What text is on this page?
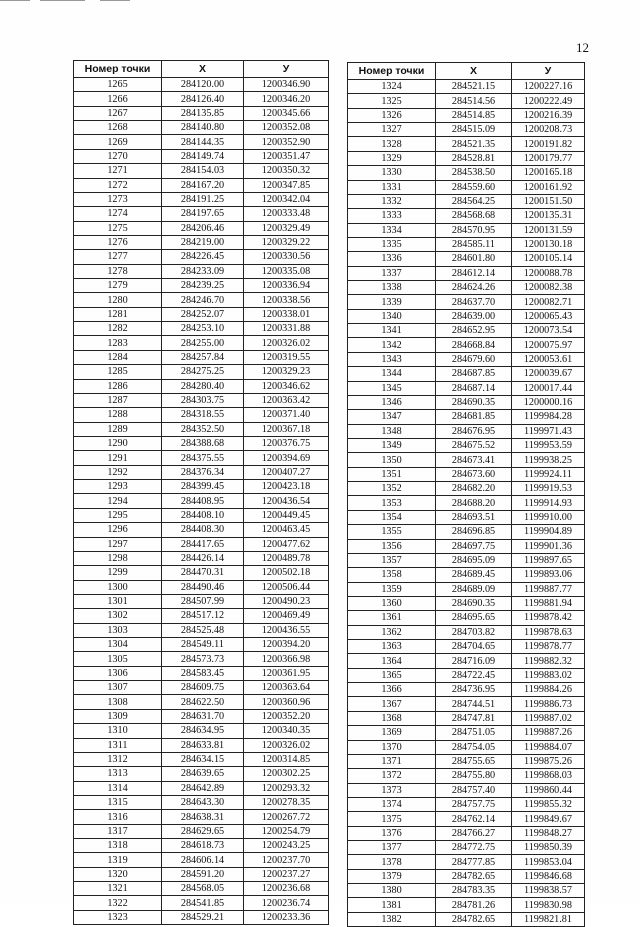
12
Номер точки	X	У
1265	284120.00	1200346.90
1266	284126.40	1200346.20
1267	284135.85	1200345.66
1268	284140.80	1200352.08
1269	284144.35	1200352.90
1270	284149.74	1200351.47
1271	284154.03	1200350.32
1272	284167.20	1200347.85
1273	284191.25	1200342.04
1274	284197.65	1200333.48
1275	284206.46	1200329.49
1276	284219.00	1200329.22
1277	284226.45	1200330.56
1278	284233.09	1200335.08
1279	284239.25	1200336.94
1280	284246.70	1200338.56
1281	284252.07	1200338.01
1282	284253.10	1200331.88
1283	284255.00	1200326.02
1284	284257.84	1200319.55
1285	284275.25	1200329.23
1286	284280.40	1200346.62
1287	284303.75	1200363.42
1288	284318.55	1200371.40
1289	284352.50	1200367.18
1290	284388.68	1200376.75
1291	284375.55	1200394.69
1292	284376.34	1200407.27
1293	284399.45	1200423.18
1294	284408.95	1200436.54
1295	284408.10	1200449.45
1296	284408.30	1200463.45
1297	284417.65	1200477.62
1298	284426.14	1200489.78
1299	284470.31	1200502.18
1300	284490.46	1200506.44
1301	284507.99	1200490.23
1302	284517.12	1200469.49
1303	284525.48	1200436.55
1304	284549.11	1200394.20
1305	284573.73	1200366.98
1306	284583.45	1200361.95
1307	284609.75	1200363.64
1308	284622.50	1200360.96
1309	284631.70	1200352.20
1310	284634.95	1200340.35
1311	284633.81	1200326.02
1312	284634.15	1200314.85
1313	284639.65	1200302.25
1314	284642.89	1200293.32
1315	284643.30	1200278.35
1316	284638.31	1200267.72
1317	284629.65	1200254.79
1318	284618.73	1200243.25
1319	284606.14	1200237.70
1320	284591.20	1200237.27
1321	284568.05	1200236.68
1322	284541.85	1200236.74
1323	284529.21	1200233.36
Номер точки	X	У
1324	284521.15	1200227.16
1325	284514.56	1200222.49
1326	284514.85	1200216.39
1327	284515.09	1200208.73
1328	284521.35	1200191.82
1329	284528.81	1200179.77
1330	284538.50	1200165.18
1331	284559.60	1200161.92
1332	284564.25	1200151.50
1333	284568.68	1200135.31
1334	284570.95	1200131.59
1335	284585.11	1200130.18
1336	284601.80	1200105.14
1337	284612.14	1200088.78
1338	284624.26	1200082.38
1339	284637.70	1200082.71
1340	284639.00	1200065.43
1341	284652.95	1200073.54
1342	284668.84	1200075.97
1343	284679.60	1200053.61
1344	284687.85	1200039.67
1345	284687.14	1200017.44
1346	284690.35	1200000.16
1347	284681.85	1199984.28
1348	284676.95	1199971.43
1349	284675.52	1199953.59
1350	284673.41	1199938.25
1351	284673.60	1199924.11
1352	284682.20	1199919.53
1353	284688.20	1199914.93
1354	284693.51	1199910.00
1355	284696.85	1199904.89
1356	284697.75	1199901.36
1357	284695.09	1199897.65
1358	284689.45	1199893.06
1359	284689.09	1199887.77
1360	284690.35	1199881.94
1361	284695.65	1199878.42
1362	284703.82	1199878.63
1363	284704.65	1199878.77
1364	284716.09	1199882.32
1365	284722.45	1199883.02
1366	284736.95	1199884.26
1367	284744.51	1199886.73
1368	284747.81	1199887.02
1369	284751.05	1199887.26
1370	284754.05	1199884.07
1371	284755.65	1199875.26
1372	284755.80	1199868.03
1373	284757.40	1199860.44
1374	284757.75	1199855.32
1375	284762.14	1199849.67
1376	284766.27	1199848.27
1377	284772.75	1199850.39
1378	284777.85	1199853.04
1379	284782.65	1199846.68
1380	284783.35	1199838.57
1381	284781.26	1199830.98
1382	284782.65	1199821.81
